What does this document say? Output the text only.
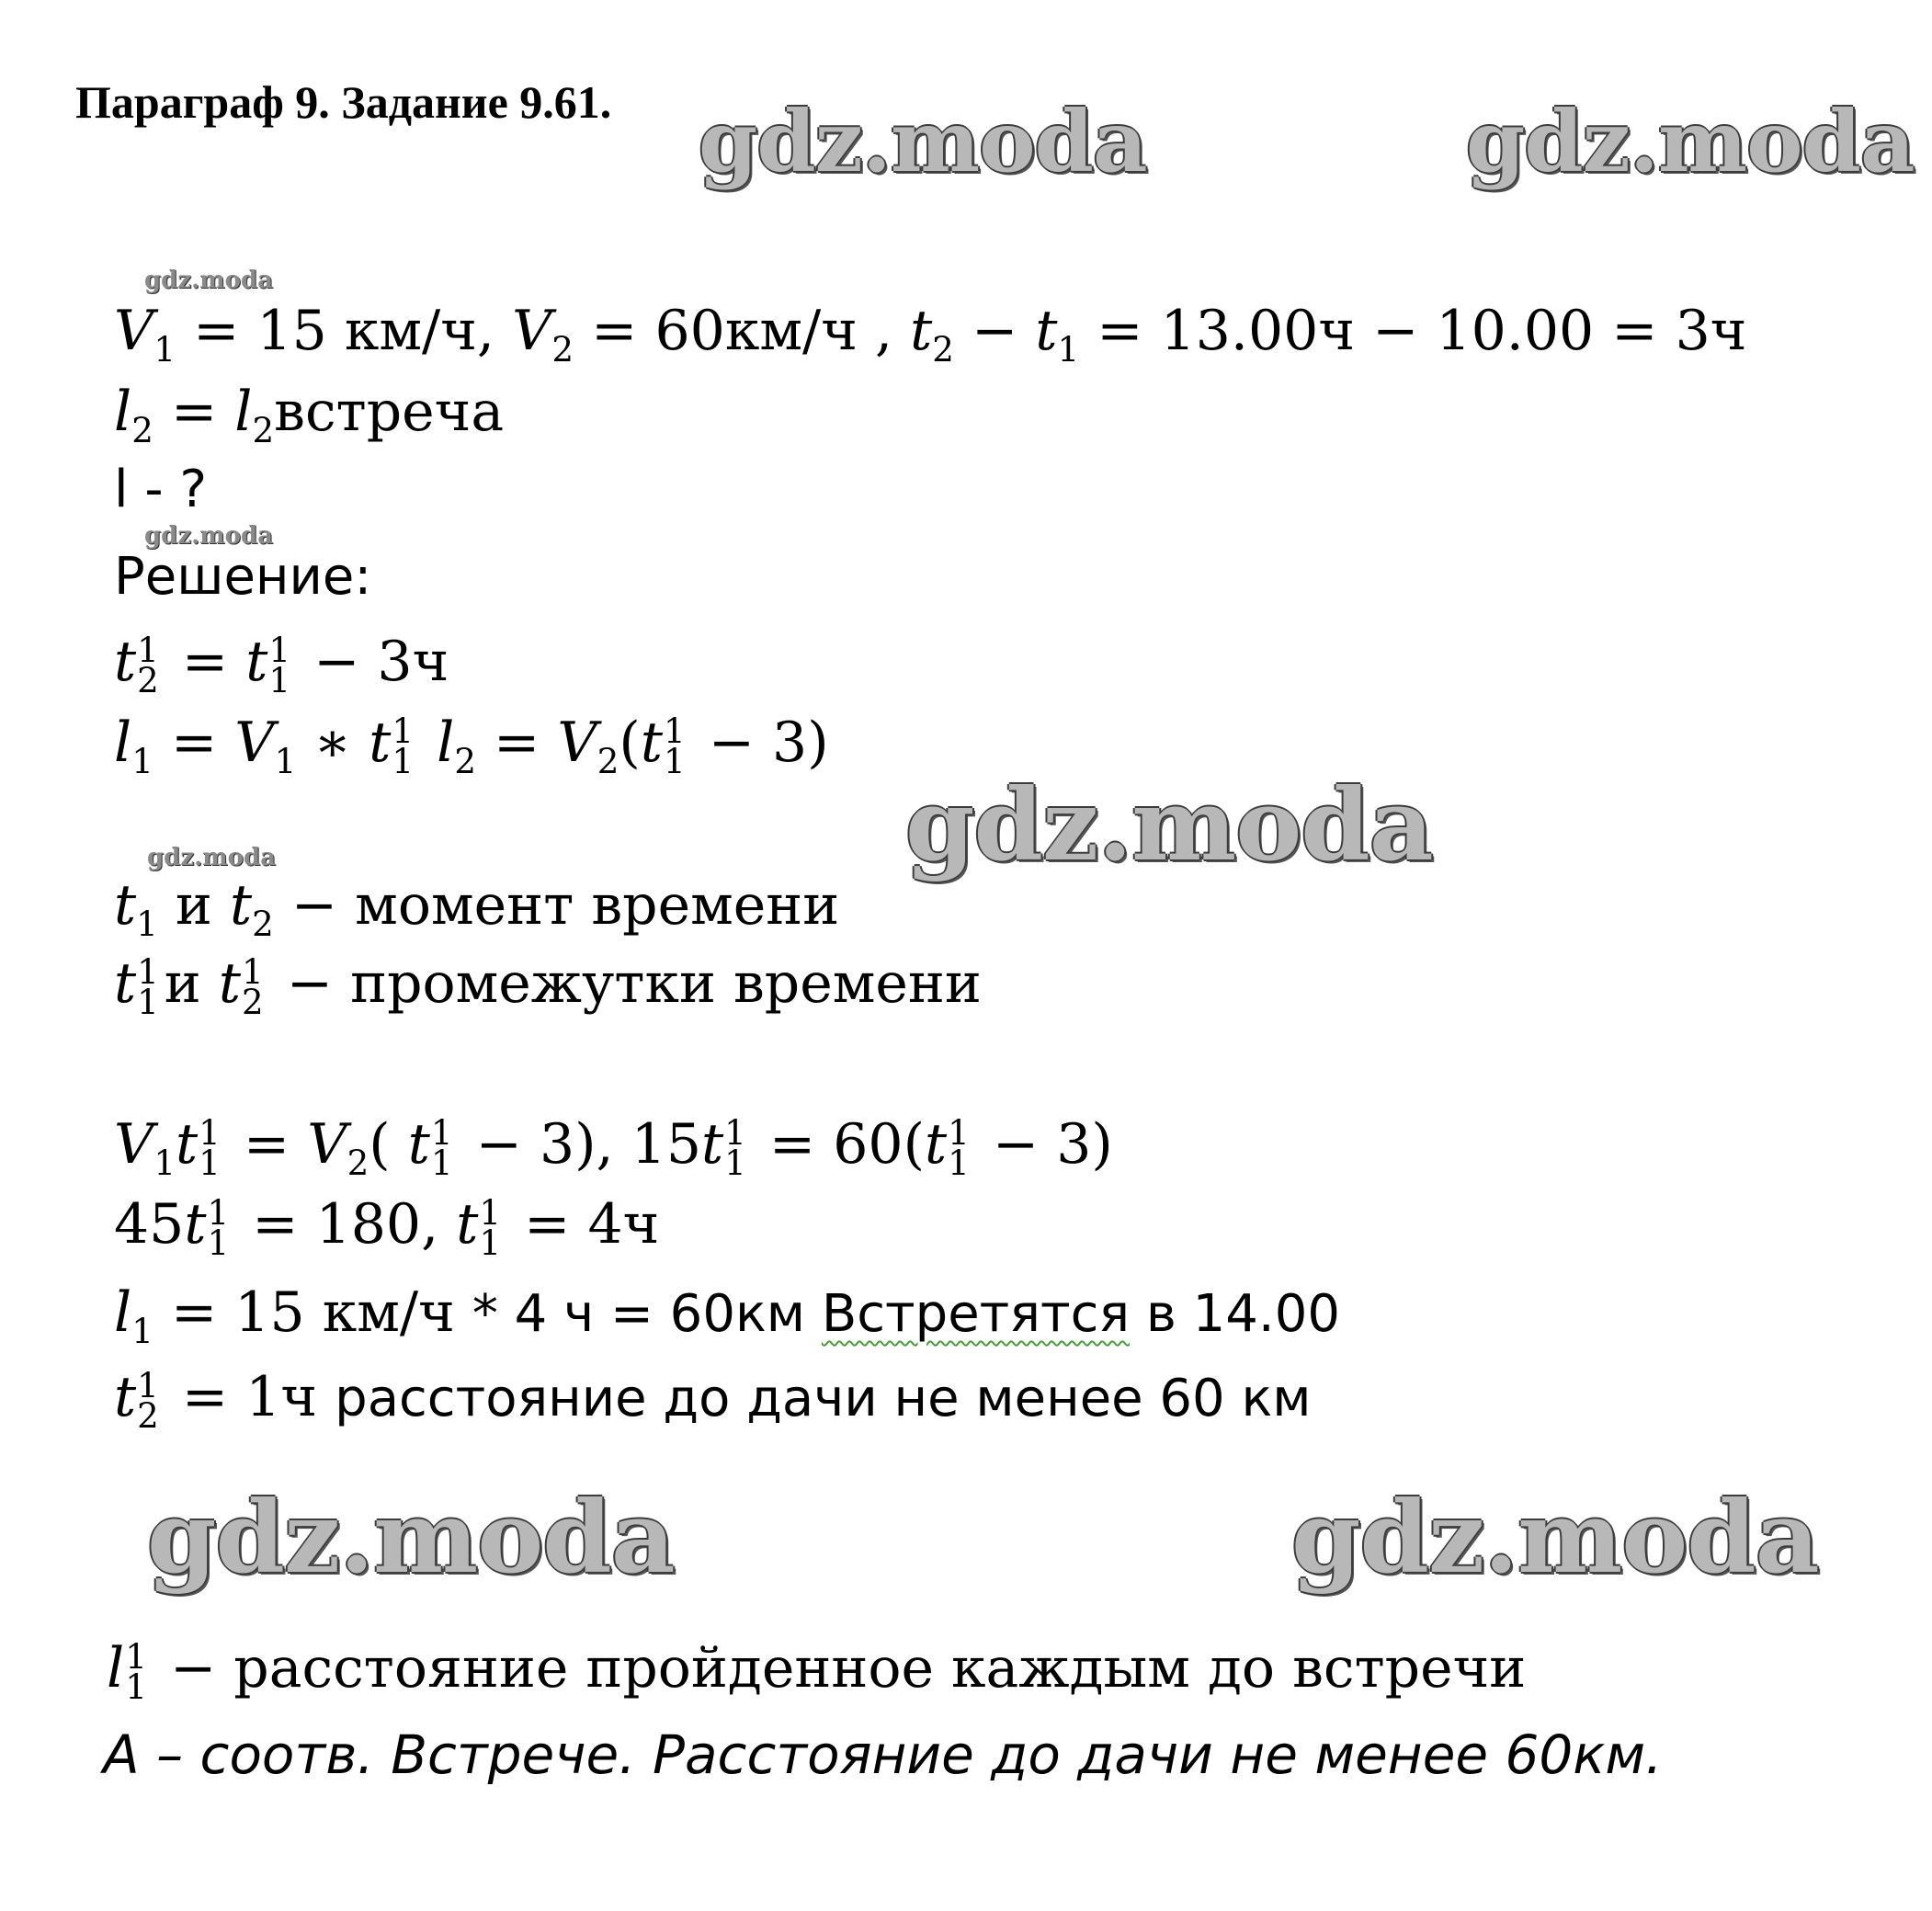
Параграф 9. Задание 9.61.
$V_1 = 15$ км/ч, $V_2 = 60км/ч$ , $t_2 - t_1 = 13.00ч - 10.00 = 3ч$
$l_2$ = $l_2встреча$
l - ?
Решение:
t 1
2 = t 1
1 − 3ч
$l_1 = V_1$ ∗ t 1
1 $l_2 = V_2(t$ 1
1 − 3)
$t_1$ и $t_2$ − момент времени
t 1
1 и t 1
2 − промежутки времени
$V_1t$ 1
$1 = V_2$( t 1
1 − 3), 15t 1
1 = 60(t 1
1 − 3)
45t 1
1 = 180, t 1
1 = 4ч
$l_1 = 15$ км/ч * 4 ч = 60км Встретятся в 14.00
t 1
2 = 1ч расстояние до дачи не менее 60 км
l 1
1 − расстояние пройденное каждым до встречи
А – соотв. Встрече. Расстояние до дачи не менее 60км.
gdz.moda	gdz.moda
gdz.moda
gdz.moda
gdz.moda
gdz.moda
gdz.moda	gdz.moda
